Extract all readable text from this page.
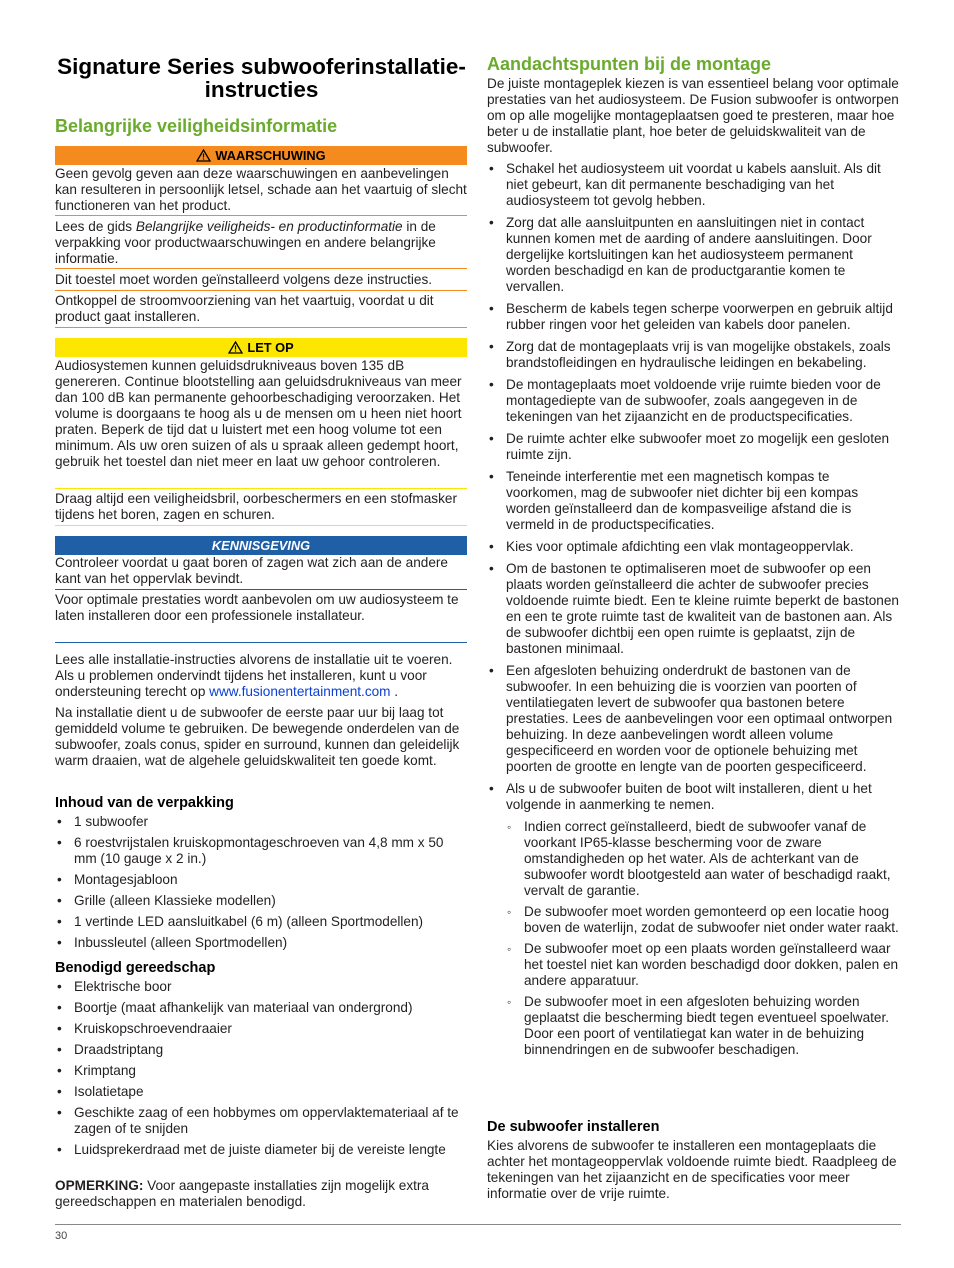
Signature Series subwooferinstallatie-instructies
Belangrijke veiligheidsinformatie
WAARSCHUWING

Geen gevolg geven aan deze waarschuwingen en aanbevelingen kan resulteren in persoonlijk letsel, schade aan het vaartuig of slecht functioneren van het product.

Lees de gids Belangrijke veiligheids- en productinformatie in de verpakking voor productwaarschuwingen en andere belangrijke informatie.

Dit toestel moet worden geïnstalleerd volgens deze instructies.

Ontkoppel de stroomvoorziening van het vaartuig, voordat u dit product gaat installeren.

LET OP

Audiosystemen kunnen geluidsdrukniveaus boven 135 dB genereren. Continue blootstelling aan geluidsdrukniveaus van meer dan 100 dB kan permanente gehoorbeschadiging veroorzaken. Het volume is doorgaans te hoog als u de mensen om u heen niet hoort praten. Beperk de tijd dat u luistert met een hoog volume tot een minimum. Als uw oren suizen of als u spraak alleen gedempt hoort, gebruik het toestel dan niet meer en laat uw gehoor controleren.

Draag altijd een veiligheidsbril, oorbeschermers en een stofmasker tijdens het boren, zagen en schuren.

KENNISGEVING

Controleer voordat u gaat boren of zagen wat zich aan de andere kant van het oppervlak bevindt.

Voor optimale prestaties wordt aanbevolen om uw audiosysteem te laten installeren door een professionele installateur.

Lees alle installatie-instructies alvorens de installatie uit te voeren. Als u problemen ondervindt tijdens het installeren, kunt u voor ondersteuning terecht op www.fusionentertainment.com .

Na installatie dient u de subwoofer de eerste paar uur bij laag tot gemiddeld volume te gebruiken. De bewegende onderdelen van de subwoofer, zoals conus, spider en surround, kunnen dan geleidelijk warm draaien, wat de algehele geluidskwaliteit ten goede komt.

Inhoud van de verpakking
• 1 subwoofer
• 6 roestvrijstalen kruiskopmontageschroeven van 4,8 mm x 50 mm (10 gauge x 2 in.)
• Montagesjabloon
• Grille (alleen Klassieke modellen)
• 1 vertinde LED aansluitkabel (6 m) (alleen Sportmodellen)
• Inbussleutel (alleen Sportmodellen)
Benodigd gereedschap
• Elektrische boor
• Boortje (maat afhankelijk van materiaal van ondergrond)
• Kruiskopschroevendraaier
• Draadstriptang
• Krimptang
• Isolatietape
• Geschikte zaag of een hobbymes om oppervlaktemateriaal af te zagen of te snijden
• Luidsprekerdraad met de juiste diameter bij de vereiste lengte

OPMERKING: Voor aangepaste installaties zijn mogelijk extra gereedschappen en materialen benodigd.

Aandachtspunten bij de montage

De juiste montageplek kiezen is van essentieel belang voor optimale prestaties van het audiosysteem. De Fusion subwoofer is ontworpen om op alle mogelijke montageplaatsen goed te presteren, maar hoe beter u de installatie plant, hoe beter de geluidskwaliteit van de subwoofer.

• Schakel het audiosysteem uit voordat u kabels aansluit. Als dit niet gebeurt, kan dit permanente beschadiging van het audiosysteem tot gevolg hebben.
• Zorg dat alle aansluitpunten en aansluitingen niet in contact kunnen komen met de aarding of andere aansluitingen. Door dergelijke kortsluitingen kan het audiosysteem permanent worden beschadigd en kan de productgarantie komen te vervallen.
• Bescherm de kabels tegen scherpe voorwerpen en gebruik altijd rubber ringen voor het geleiden van kabels door panelen.
• Zorg dat de montageplaats vrij is van mogelijke obstakels, zoals brandstofleidingen en hydraulische leidingen en bekabeling.
• De montageplaats moet voldoende vrije ruimte bieden voor de montagediepte van de subwoofer, zoals aangegeven in de tekeningen van het zijaanzicht en de productspecificaties.
• De ruimte achter elke subwoofer moet zo mogelijk een gesloten ruimte zijn.
• Teneinde interferentie met een magnetisch kompas te voorkomen, mag de subwoofer niet dichter bij een kompas worden geïnstalleerd dan de kompasveilige afstand die is vermeld in de productspecificaties.
• Kies voor optimale afdichting een vlak montageoppervlak.
• Om de bastonen te optimaliseren moet de subwoofer op een plaats worden geïnstalleerd die achter de subwoofer precies voldoende ruimte biedt. Een te kleine ruimte beperkt de bastonen en een te grote ruimte tast de kwaliteit van de bastonen aan. Als de subwoofer dichtbij een open ruimte is geplaatst, zijn de bastonen minimaal.
• Een afgesloten behuizing onderdrukt de bastonen van de subwoofer. In een behuizing die is voorzien van poorten of ventilatiegaten levert de subwoofer qua bastonen betere prestaties. Lees de aanbevelingen voor een optimaal ontworpen behuizing. In deze aanbevelingen wordt alleen volume gespecificeerd en worden voor de optionele behuizing met poorten de grootte en lengte van de poorten gespecificeerd.
• Als u de subwoofer buiten de boot wilt installeren, dient u het volgende in aanmerking te nemen.
◦ Indien correct geïnstalleerd, biedt de subwoofer vanaf de voorkant IP65-klasse bescherming voor de zware omstandigheden op het water. Als de achterkant van de subwoofer wordt blootgesteld aan water of beschadigd raakt, vervalt de garantie.
◦ De subwoofer moet worden gemonteerd op een locatie hoog boven de waterlijn, zodat de subwoofer niet onder water raakt.
◦ De subwoofer moet op een plaats worden geïnstalleerd waar het toestel niet kan worden beschadigd door dokken, palen en andere apparatuur.
◦ De subwoofer moet in een afgesloten behuizing worden geplaatst die bescherming biedt tegen eventueel spoelwater. Door een poort of ventilatiegat kan water in de behuizing binnendringen en de subwoofer beschadigen.
De subwoofer installeren

Kies alvorens de subwoofer te installeren een montageplaats die achter het montageoppervlak voldoende ruimte biedt. Raadpleeg de tekeningen van het zijaanzicht en de specificaties voor meer informatie over de vrije ruimte.

30
